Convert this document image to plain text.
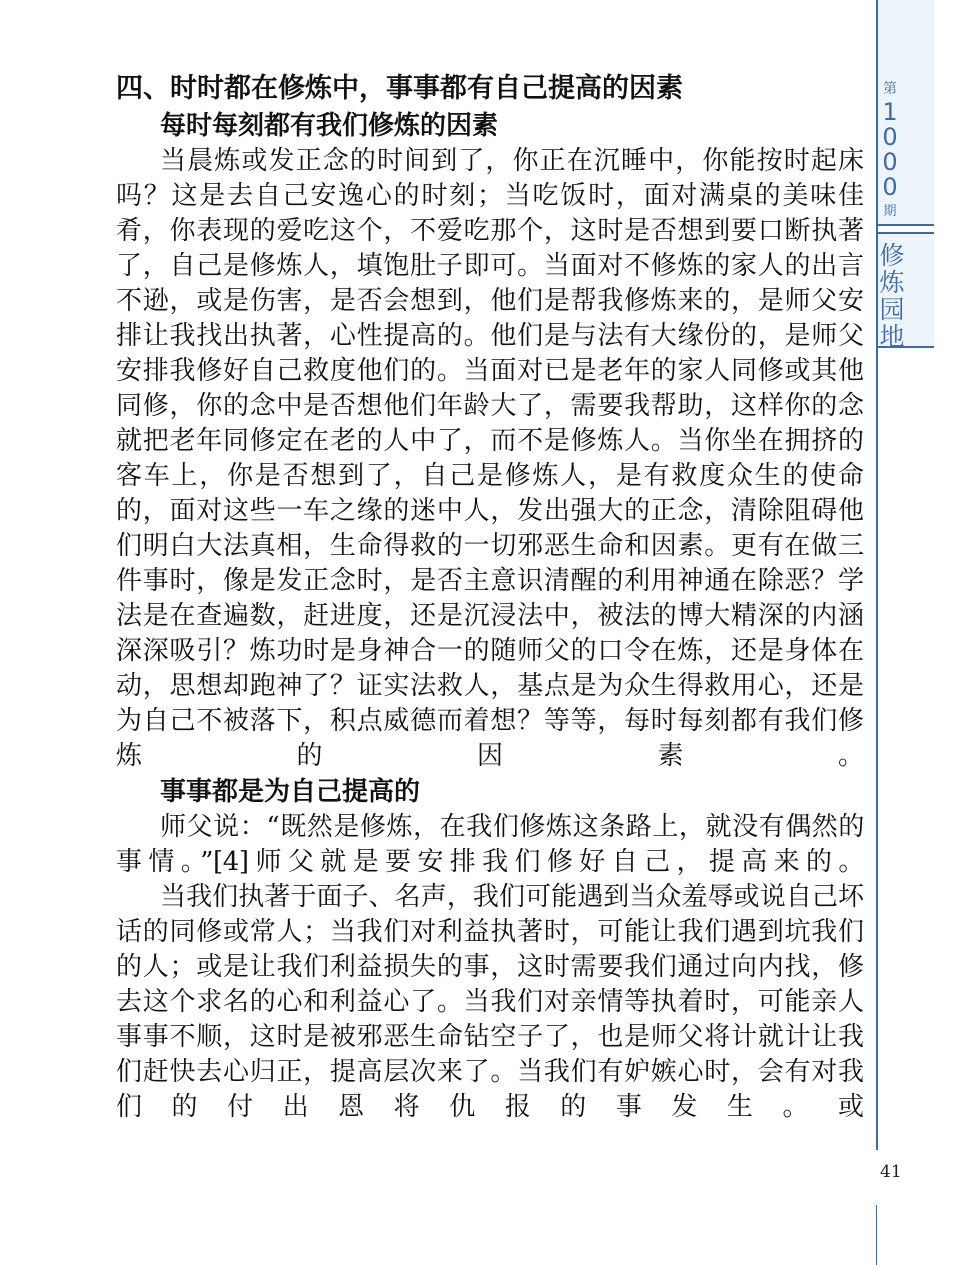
第
1000
期
修炼园地
41
四、时时都在修炼中，事事都有自己提高的因素
每时每刻都有我们修炼的因素

当晨炼或发正念的时间到了，你正在沉睡中，你能按时起床吗？这是去自己安逸心的时刻；当吃饭时，面对满桌的美味佳肴，你表现的爱吃这个，不爱吃那个，这时是否想到要口断执著了，自己是修炼人，填饱肚子即可。当面对不修炼的家人的出言不逊，或是伤害，是否会想到，他们是帮我修炼来的，是师父安排让我找出执著，心性提高的。他们是与法有大缘份的，是师父安排我修好自己救度他们的。当面对已是老年的家人同修或其他同修，你的念中是否想他们年龄大了，需要我帮助，这样你的念就把老年同修定在老的人中了，而不是修炼人。当你坐在拥挤的客车上，你是否想到了，自己是修炼人，是有救度众生的使命的，面对这些一车之缘的迷中人，发出强大的正念，清除阻碍他们明白大法真相，生命得救的一切邪恶生命和因素。更有在做三件事时，像是发正念时，是否主意识清醒的利用神通在除恶？学法是在查遍数，赶进度，还是沉浸法中，被法的博大精深的内涵深深吸引？炼功时是身神合一的随师父的口令在炼，还是身体在动，思想却跑神了？证实法救人，基点是为众生得救用心，还是为自己不被落下，积点威德而着想？等等，每时每刻都有我们修炼的因素。

事事都是为自己提高的

师父说：“既然是修炼，在我们修炼这条路上，就没有偶然的事情。”[4]师父就是要安排我们修好自己，提高来的。

当我们执著于面子、名声，我们可能遇到当众羞辱或说自己坏话的同修或常人；当我们对利益执著时，可能让我们遇到坑我们的人；或是让我们利益损失的事，这时需要我们通过向内找，修去这个求名的心和利益心了。当我们对亲情等执着时，可能亲人事事不顺，这时是被邪恶生命钻空子了，也是师父将计就计让我们赶快去心归正，提高层次来了。当我们有妒嫉心时，会有对我们的付出恩将仇报的事发生。或
